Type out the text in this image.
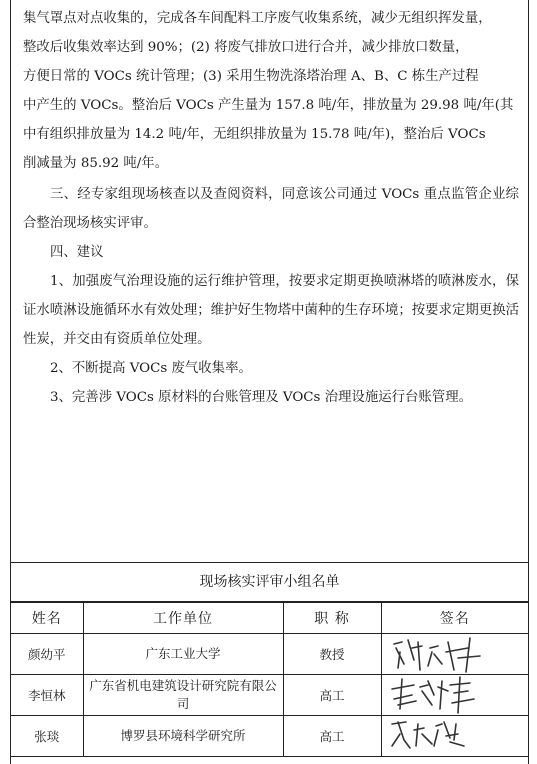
集气罩点对点收集的，完成各车间配料工序废气收集系统，减少无组织挥发量，

整改后收集效率达到 90%；(2) 将废气排放口进行合并，减少排放口数量，

方便日常的 VOCs 统计管理；(3) 采用生物洗涤塔治理 A、B、C 栋生产过程

中产生的 VOCs。整治后 VOCs 产生量为 157.8 吨/年，排放量为 29.98 吨/年(其

中有组织排放量为 14.2 吨/年，无组织排放量为 15.78 吨/年)，整治后 VOCs

削减量为 85.92 吨/年。

三、经专家组现场核查以及查阅资料，同意该公司通过 VOCs 重点监管企业综合整治现场核实评审。

四、建议

1、加强废气治理设施的运行维护管理，按要求定期更换喷淋塔的喷淋废水，保证水喷淋设施循环水有效处理；维护好生物塔中菌种的生存环境；按要求定期更换活性炭，并交由有资质单位处理。

2、不断提高 VOCs 废气收集率。

3、完善涉 VOCs 原材料的台账管理及 VOCs 治理设施运行台账管理。

现场核实评审小组名单
姓名	工作单位	职 称	签名
颜幼平	广东工业大学	教授	

李恒林	广东省机电建筑设计研究院有限公司	高工	

张琰	博罗县环境科学研究所	高工	
